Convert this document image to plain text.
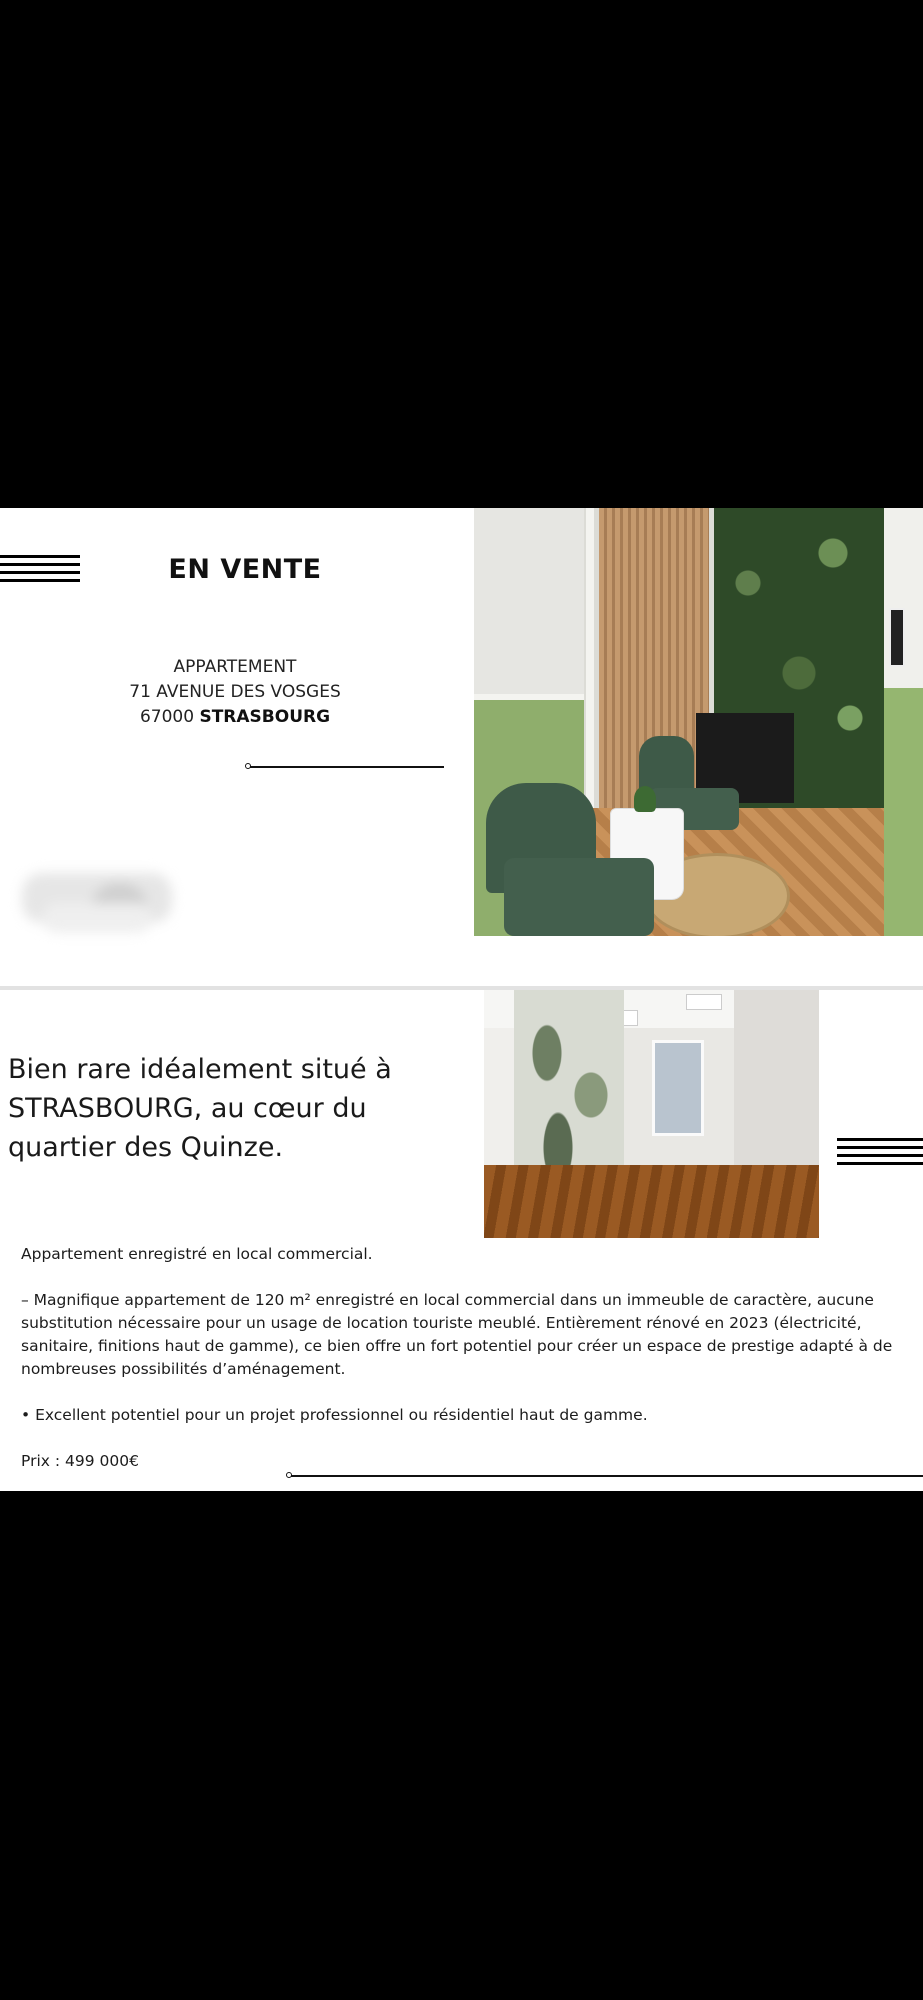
EN VENTE
APPARTEMENT
71 AVENUE DES VOSGES
67000 STRASBOURG
Bien rare idéalement situé à STRASBOURG, au cœur du quartier des Quinze.

Appartement enregistré en local commercial.

– Magnifique appartement de 120 m² enregistré en local commercial dans un immeuble de caractère, aucune substitution nécessaire pour un usage de location touriste meublé. Entièrement rénové en 2023 (électricité, sanitaire, finitions haut de gamme), ce bien offre un fort potentiel pour créer un espace de prestige adapté à de nombreuses possibilités d’aménagement.

• Excellent potentiel pour un projet professionnel ou résidentiel haut de gamme.

Prix : 499 000€
